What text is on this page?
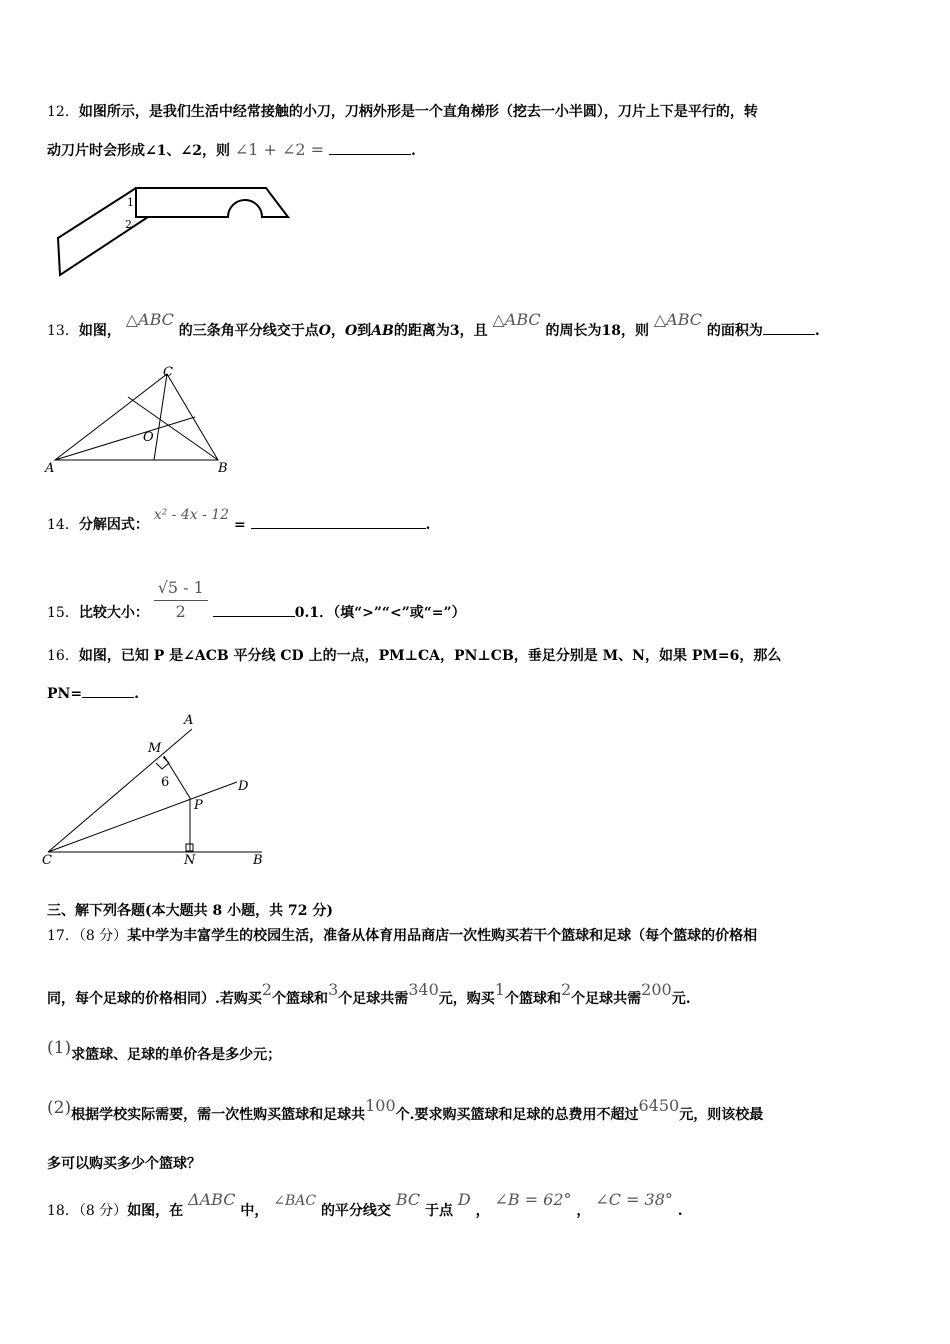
12．如图所示，是我们生活中经常接触的小刀，刀柄外形是一个直角梯形（挖去一小半圆），刀片上下是平行的，转
动刀片时会形成∠1、∠2，则 ∠1 + ∠2 =	.
1
2
13．如图， △ABC 的三条角平分线交于点O，O到AB的距离为3，且 △ABC 的周长为18，则 △ABC 的面积为	.
A	B
C
O
14．分解因式： x² - 4x - 12 =	.
15．比较大小： $\frac{√5 - 1}{2}$	0.1．（填“>”“<”或“=”）
16．如图，已知 P 是∠ACB 平分线 CD 上的一点，PM⊥CA，PN⊥CB，垂足分别是 M、N，如果 PM=6，那么
PN=	.
A
M
6	D
P
C	N	B
三、解下列各题(本大题共 8 小题，共 72 分)
17．（8 分）某中学为丰富学生的校园生活，准备从体育用品商店一次性购买若干个篮球和足球（每个篮球的价格相
同，每个足球的价格相同）.若购买2个篮球和3个足球共需340元，购买1个篮球和2个足球共需200元.
(1)求篮球、足球的单价各是多少元；
(2)根据学校实际需要，需一次性购买篮球和足球共100个.要求购买篮球和足球的总费用不超过6450元，则该校最
多可以购买多少个篮球？
18．（8 分）如图，在 ΔABC 中， ∠BAC 的平分线交 BC 于点 D ， ∠B = 62° ， ∠C = 38° .
